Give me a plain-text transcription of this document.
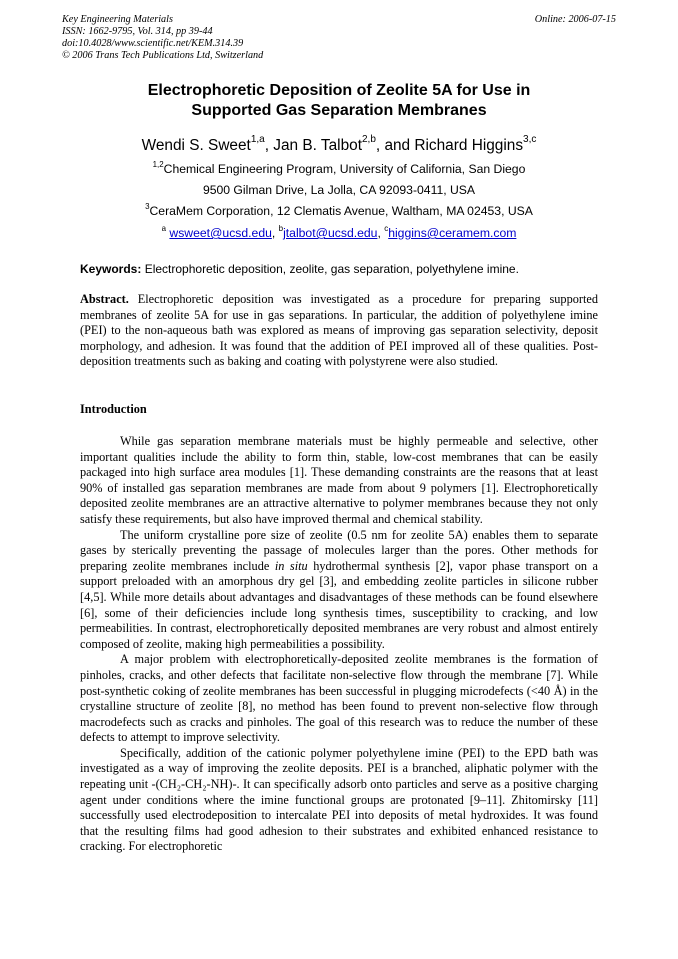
Key Engineering Materials
ISSN: 1662-9795, Vol. 314, pp 39-44
doi:10.4028/www.scientific.net/KEM.314.39
© 2006 Trans Tech Publications Ltd, Switzerland
Online: 2006-07-15
Electrophoretic Deposition of Zeolite 5A for Use in
Supported Gas Separation Membranes
Wendi S. Sweet$^{1,a}$, Jan B. Talbot$^{2,b}$, and Richard Higgins$^{3,c}$
$^{1,2}$Chemical Engineering Program, University of California, San Diego
9500 Gilman Drive, La Jolla, CA 92093-0411, USA
$^3$CeraMem Corporation, 12 Clematis Avenue, Waltham, MA 02453, USA
$^a$ wsweet@ucsd.edu, $^b$jtalbot@ucsd.edu, $^c$higgins@ceramem.com
Keywords: Electrophoretic deposition, zeolite, gas separation, polyethylene imine.
Abstract. Electrophoretic deposition was investigated as a procedure for preparing supported membranes of zeolite 5A for use in gas separations. In particular, the addition of polyethylene imine (PEI) to the non-aqueous bath was explored as means of improving gas separation selectivity, deposit morphology, and adhesion. It was found that the addition of PEI improved all of these qualities. Post-deposition treatments such as baking and coating with polystyrene were also studied.
Introduction

While gas separation membrane materials must be highly permeable and selective, other important qualities include the ability to form thin, stable, low-cost membranes that can be easily packaged into high surface area modules [1]. These demanding constraints are the reasons that at least 90% of installed gas separation membranes are made from about 9 polymers [1]. Electrophoretically deposited zeolite membranes are an attractive alternative to polymer membranes because they not only satisfy these requirements, but also have improved thermal and chemical stability.

The uniform crystalline pore size of zeolite (0.5 nm for zeolite 5A) enables them to separate gases by sterically preventing the passage of molecules larger than the pores. Other methods for preparing zeolite membranes include in situ hydrothermal synthesis [2], vapor phase transport on a support preloaded with an amorphous dry gel [3], and embedding zeolite particles in silicone rubber [4,5]. While more details about advantages and disadvantages of these methods can be found elsewhere [6], some of their deficiencies include long synthesis times, susceptibility to cracking, and low permeabilities. In contrast, electrophoretically deposited membranes are very robust and almost entirely composed of zeolite, making high permeabilities a possibility.

A major problem with electrophoretically-deposited zeolite membranes is the formation of pinholes, cracks, and other defects that facilitate non-selective flow through the membrane [7]. While post-synthetic coking of zeolite membranes has been successful in plugging microdefects (<40 Å) in the crystalline structure of zeolite [8], no method has been found to prevent non-selective flow through macrodefects such as cracks and pinholes. The goal of this research was to reduce the number of these defects to attempt to improve selectivity.

Specifically, addition of the cationic polymer polyethylene imine (PEI) to the EPD bath was investigated as a way of improving the zeolite deposits. PEI is a branched, aliphatic polymer with the repeating unit -(CH₂-CH₂-NH)-. It can specifically adsorb onto particles and serve as a positive charging agent under conditions where the imine functional groups are protonated [9–11]. Zhitomirsky [11] successfully used electrodeposition to intercalate PEI into deposits of metal hydroxides. It was found that the resulting films had good adhesion to their substrates and exhibited enhanced resistance to cracking. For electrophoretic
